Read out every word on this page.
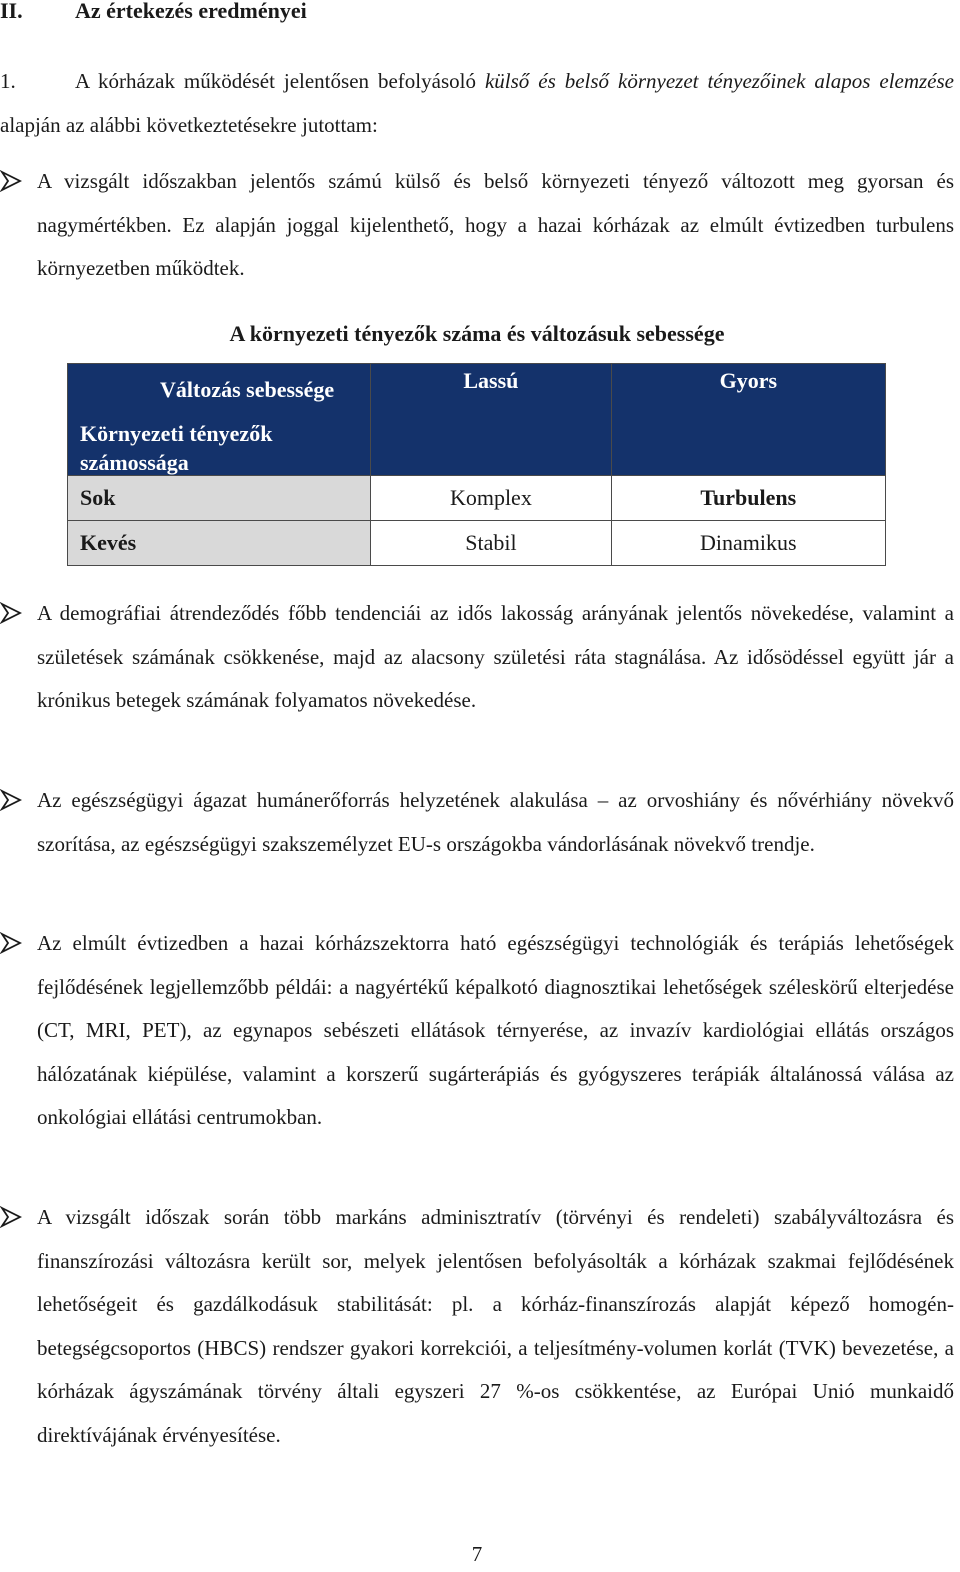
II. Az értekezés eredményei

1.	A kórházak működését jelentősen befolyásoló külső és belső környezet tényezőinek alapos elemzése alapján az alábbi következtetésekre jutottam:

A vizsgált időszakban jelentős számú külső és belső környezeti tényező változott meg gyorsan és nagymértékben. Ez alapján joggal kijelenthető, hogy a hazai kórházak az elmúlt évtizedben turbulens környezetben működtek.
A környezeti tényezők száma és változásuk sebessége
Változás sebessége
Környezeti tényezők számossága	Lassú	Gyors
Sok	Komplex	Turbulens
Kevés	Stabil	Dinamikus
A demográfiai átrendeződés főbb tendenciái az idős lakosság arányának jelentős növekedése, valamint a születések számának csökkenése, majd az alacsony születési ráta stagnálása. Az idősödéssel együtt jár a krónikus betegek számának folyamatos növekedése.
Az egészségügyi ágazat humánerőforrás helyzetének alakulása – az orvoshiány és nővérhiány növekvő szorítása, az egészségügyi szakszemélyzet EU-s országokba vándorlásának növekvő trendje.
Az elmúlt évtizedben a hazai kórházszektorra ható egészségügyi technológiák és terápiás lehetőségek fejlődésének legjellemzőbb példái: a nagyértékű képalkotó diagnosztikai lehetőségek széleskörű elterjedése (CT, MRI, PET), az egynapos sebészeti ellátások térnyerése, az invazív kardiológiai ellátás országos hálózatának kiépülése, valamint a korszerű sugárterápiás és gyógyszeres terápiák általánossá válása az onkológiai ellátási centrumokban.
A vizsgált időszak során több markáns adminisztratív (törvényi és rendeleti) szabályváltozásra és finanszírozási változásra került sor, melyek jelentősen befolyásolták a kórházak szakmai fejlődésének lehetőségeit és gazdálkodásuk stabilitását: pl. a kórház-finanszírozás alapját képező homogén-betegségcsoportos (HBCS) rendszer gyakori korrekciói, a teljesítmény-volumen korlát (TVK) bevezetése, a kórházak ágyszámának törvény általi egyszeri 27 %-os csökkentése, az Európai Unió munkaidő direktívájának érvényesítése.
7
